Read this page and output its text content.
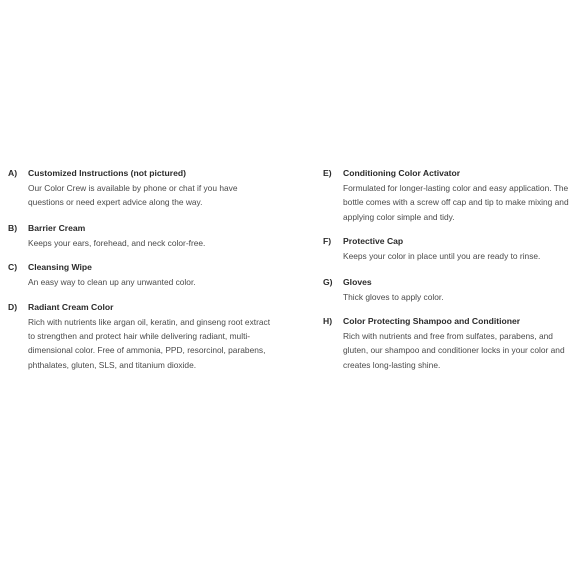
A)	Customized Instructions (not pictured)
Our Color Crew is available by phone or chat if you have questions or need expert advice along the way.
B)	Barrier Cream
Keeps your ears, forehead, and neck color-free.
C)	Cleansing Wipe
An easy way to clean up any unwanted color.
D)	Radiant Cream Color
Rich with nutrients like argan oil, keratin, and ginseng root extract to strengthen and protect hair while delivering radiant, multi-dimensional color. Free of ammonia, PPD, resorcinol, parabens, phthalates, gluten, SLS, and titanium dioxide.
E)	Conditioning Color Activator
Formulated for longer-lasting color and easy application. The bottle comes with a screw off cap and tip to make mixing and applying color simple and tidy.
F)	Protective Cap
Keeps your color in place until you are ready to rinse.
G)	Gloves
Thick gloves to apply color.
H)	Color Protecting Shampoo and Conditioner
Rich with nutrients and free from sulfates, parabens, and gluten, our shampoo and conditioner locks in your color and creates long-lasting shine.
